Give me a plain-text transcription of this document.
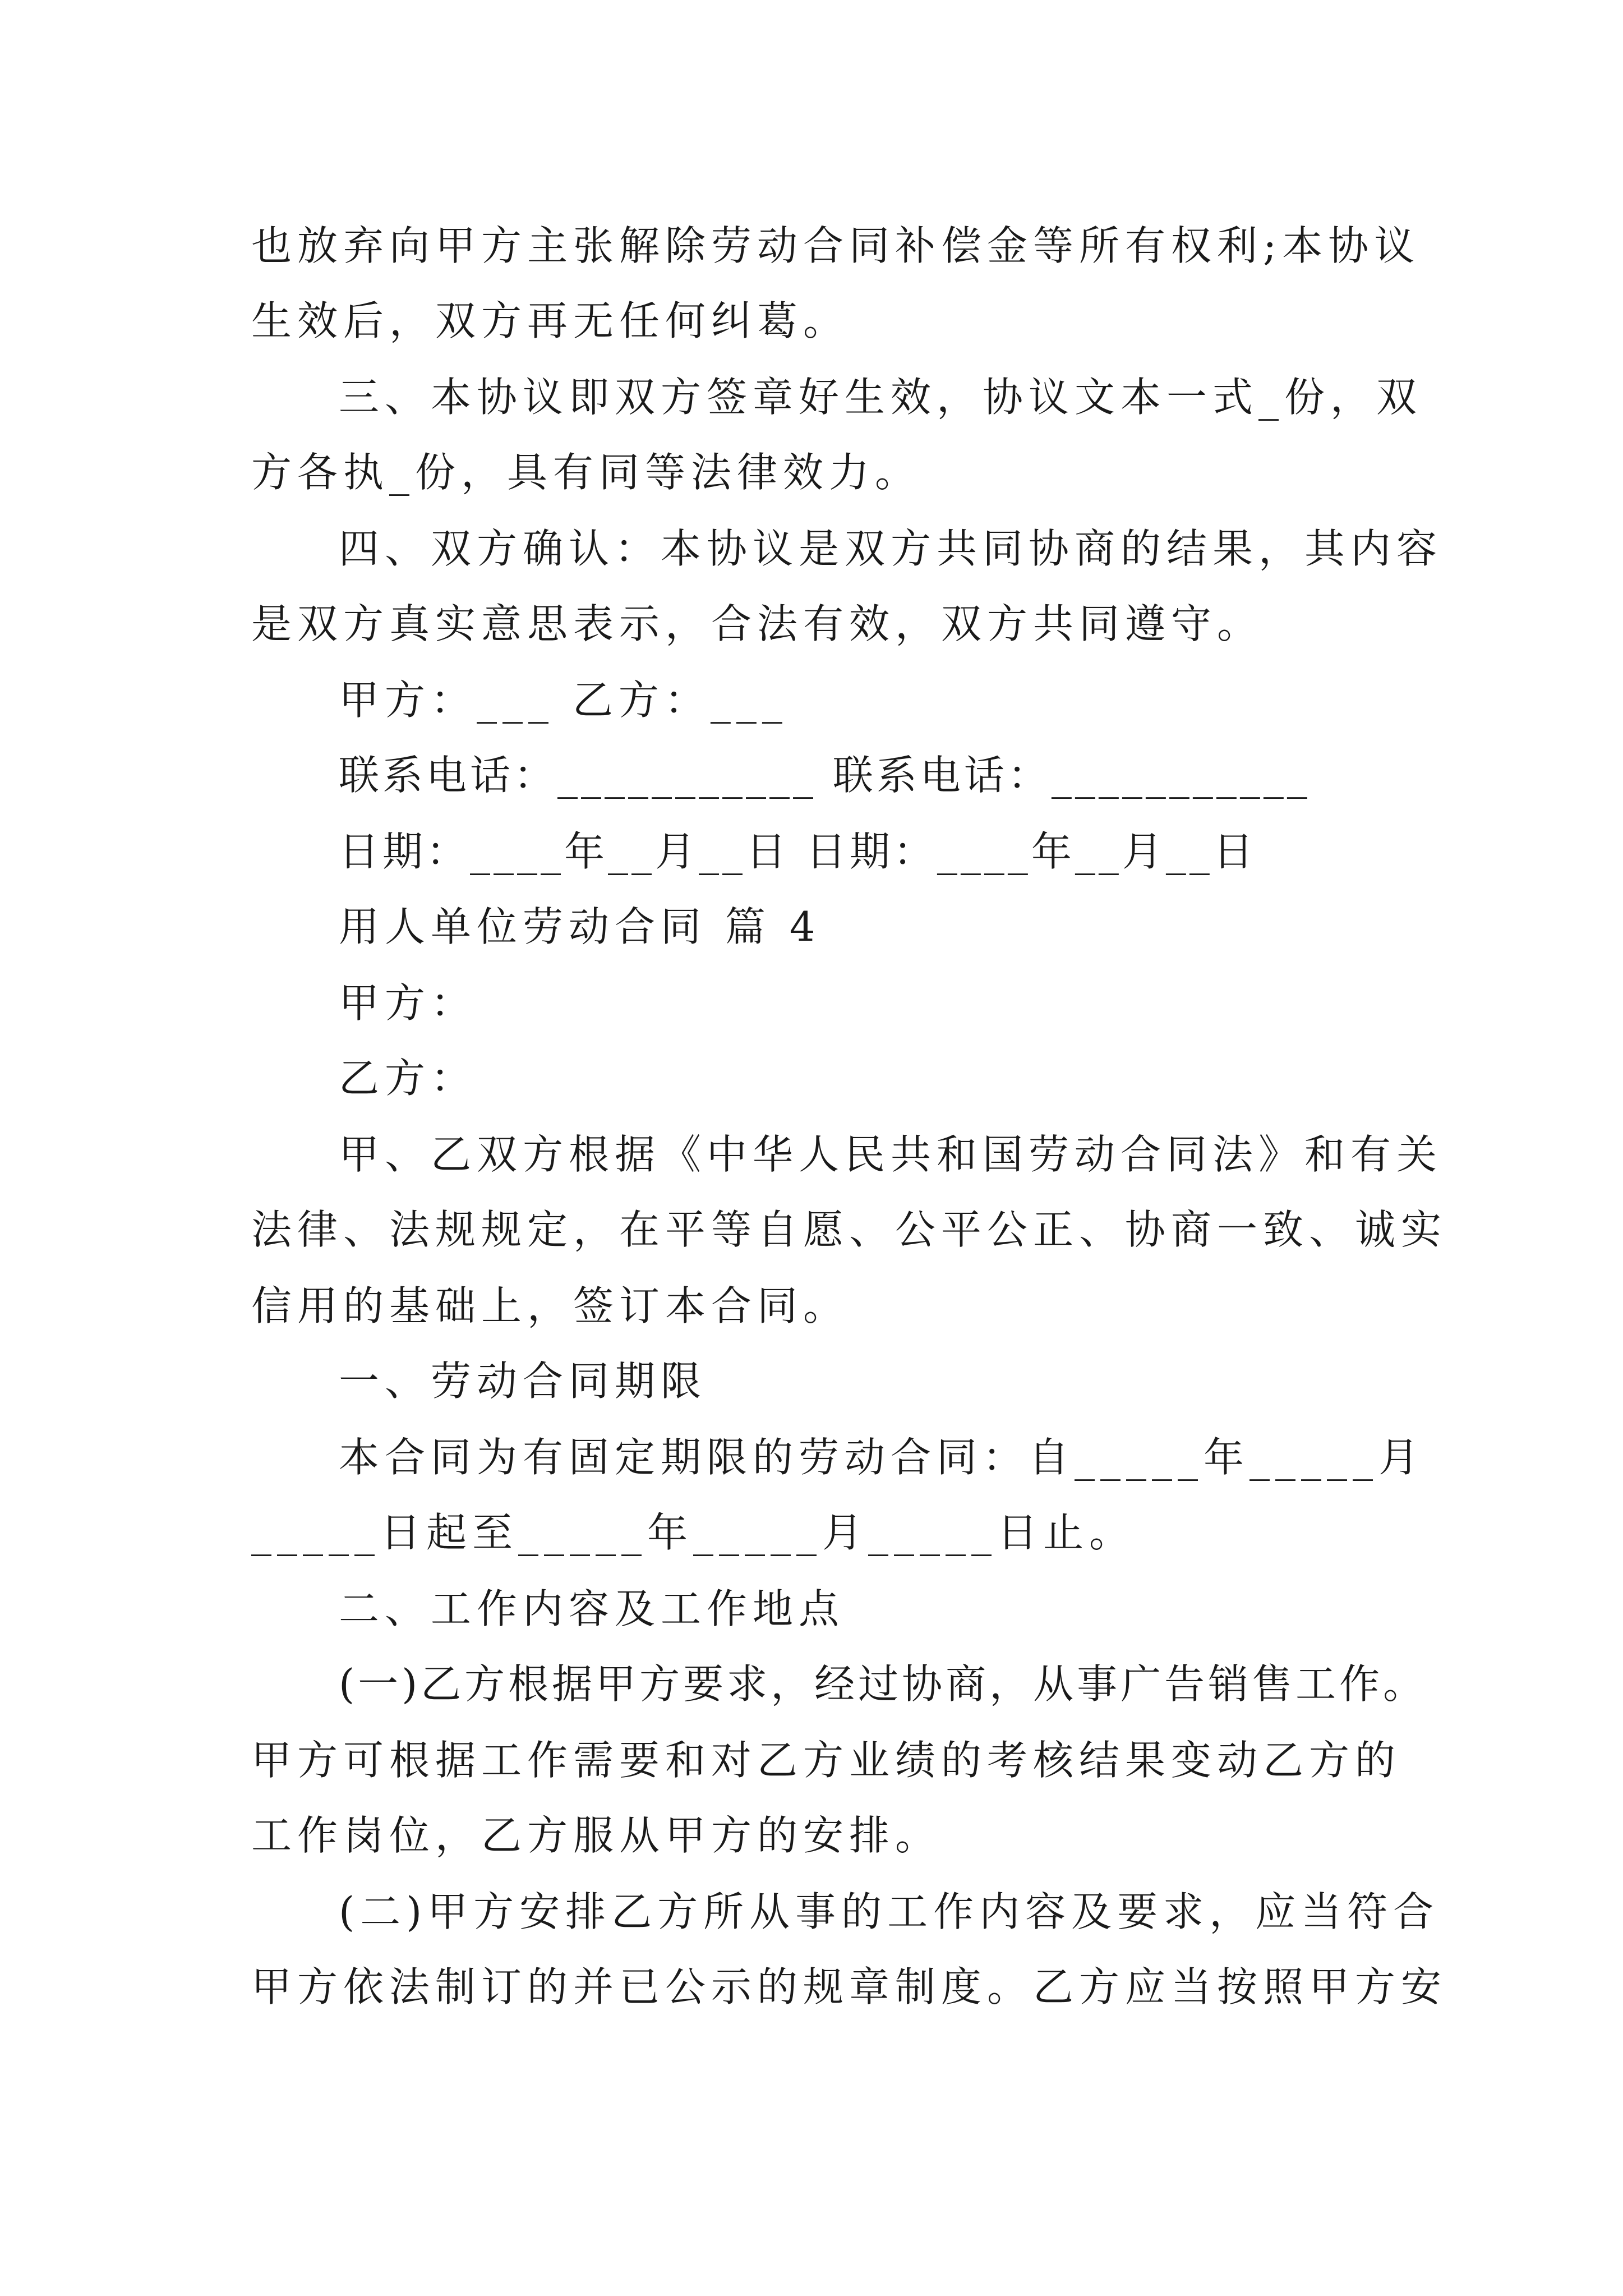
也放弃向甲方主张解除劳动合同补偿金等所有权利;本协议
生效后，双方再无任何纠葛。
三、本协议即双方签章好生效，协议文本一式_份，双
方各执_份，具有同等法律效力。
四、双方确认：本协议是双方共同协商的结果，其内容
是双方真实意思表示，合法有效，双方共同遵守。
甲方：___ 乙方：___
联系电话：___________ 联系电话：___________
日期：____年__月__日 日期：____年__月__日
用人单位劳动合同 篇 4
甲方：
乙方：
甲、乙双方根据《中华人民共和国劳动合同法》和有关
法律、法规规定，在平等自愿、公平公正、协商一致、诚实
信用的基础上，签订本合同。
一、劳动合同期限
本合同为有固定期限的劳动合同：自_____年_____月
_____日起至_____年_____月_____日止。
二、工作内容及工作地点
(一)乙方根据甲方要求，经过协商，从事广告销售工作。
甲方可根据工作需要和对乙方业绩的考核结果变动乙方的
工作岗位，乙方服从甲方的安排。
(二)甲方安排乙方所从事的工作内容及要求，应当符合
甲方依法制订的并已公示的规章制度。乙方应当按照甲方安
